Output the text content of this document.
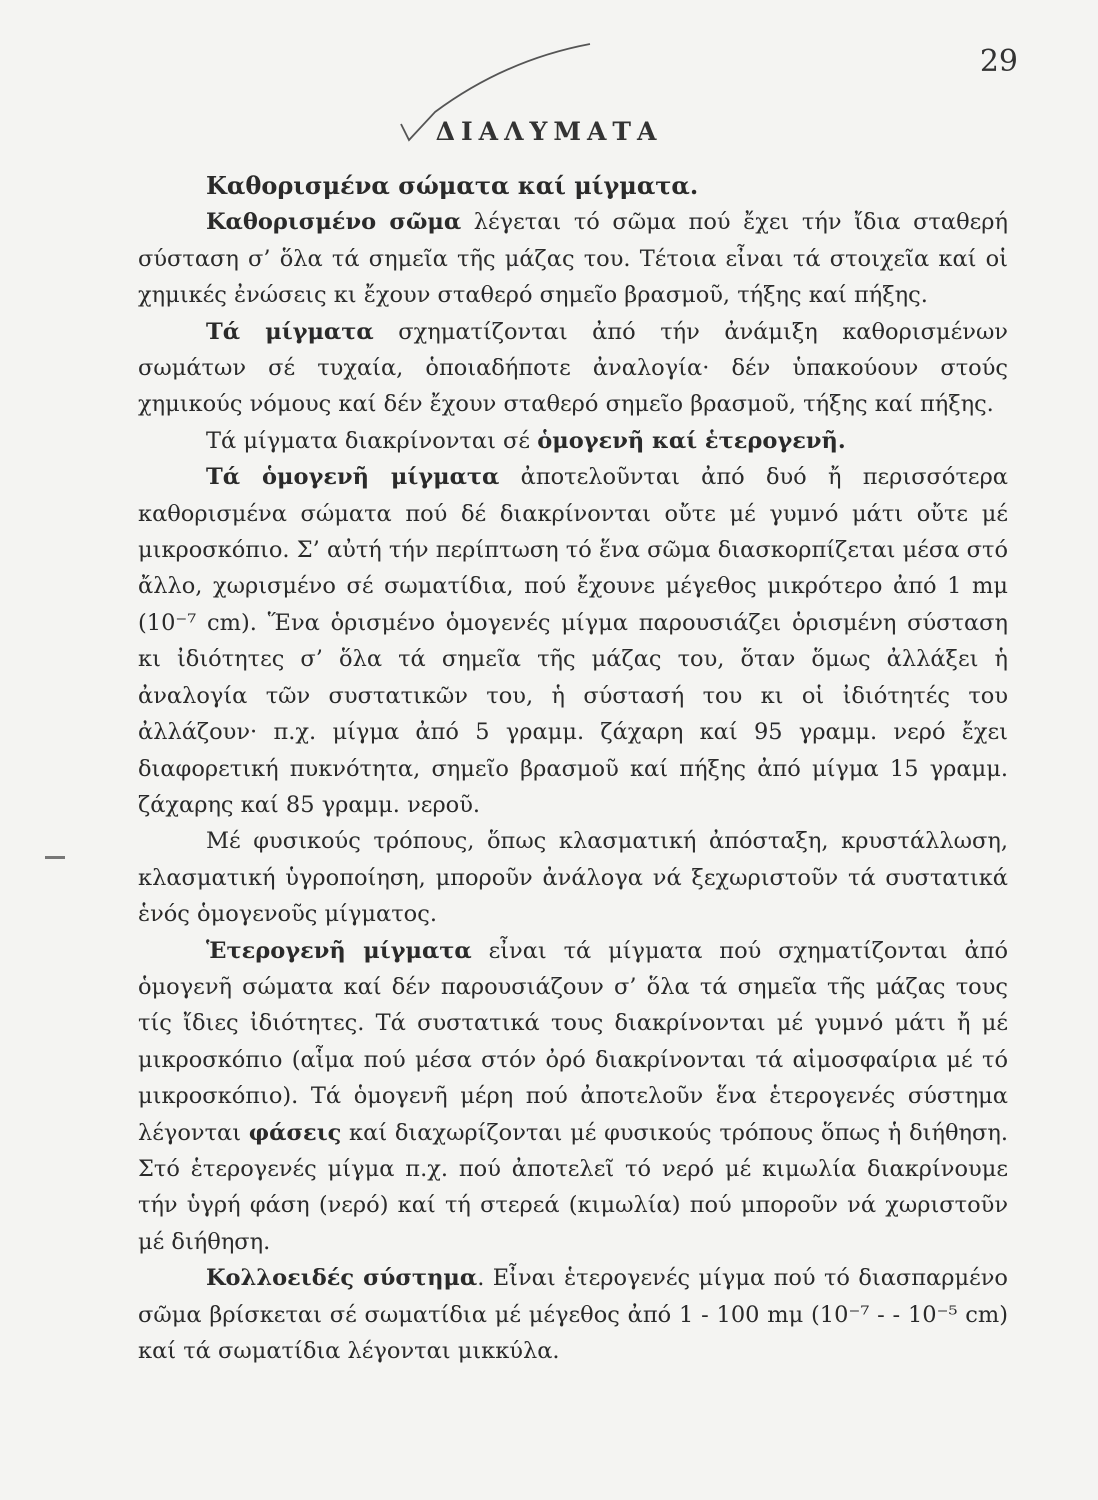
29
ΔΙΑΛΥΜΑΤΑ

Καθορισμένα σώματα καί μίγματα.

Καθορισμένο σῶμα λέγεται τό σῶμα πού ἔχει τήν ἴδια σταθερή σύσταση σ’ ὅλα τά σημεῖα τῆς μάζας του. Τέτοια εἶναι τά στοιχεῖα καί οἱ χημικές ἐνώσεις κι ἔχουν σταθερό σημεῖο βρασμοῦ, τήξης καί πήξης.

Τά μίγματα σχηματίζονται ἀπό τήν ἀνάμιξη καθορισμένων σωμάτων σέ τυχαία, ὁποιαδήποτε ἀναλογία· δέν ὑπακούουν στούς χημικούς νόμους καί δέν ἔχουν σταθερό σημεῖο βρασμοῦ, τήξης καί πήξης.

Τά μίγματα διακρίνονται σέ ὁμογενῆ καί ἑτερογενῆ.

Τά ὁμογενῆ μίγματα ἀποτελοῦνται ἀπό δυό ἤ περισσότερα καθορισμένα σώματα πού δέ διακρίνονται οὔτε μέ γυμνό μάτι οὔτε μέ μικροσκόπιο. Σ’ αὐτή τήν περίπτωση τό ἕνα σῶμα διασκορπίζεται μέσα στό ἄλλο, χωρισμένο σέ σωματίδια, πού ἔχουνε μέγεθος μικρότερο ἀπό 1 mμ (10⁻⁷ cm). Ἕνα ὁρισμένο ὁμογενές μίγμα παρουσιάζει ὁρισμένη σύσταση κι ἰδιότητες σ’ ὅλα τά σημεῖα τῆς μάζας του, ὅταν ὅμως ἀλλάξει ἡ ἀναλογία τῶν συστατικῶν του, ἡ σύστασή του κι οἱ ἰδιότητές του ἀλλάζουν· π.χ. μίγμα ἀπό 5 γραμμ. ζάχαρη καί 95 γραμμ. νερό ἔχει διαφορετική πυκνότητα, σημεῖο βρασμοῦ καί πήξης ἀπό μίγμα 15 γραμμ. ζάχαρης καί 85 γραμμ. νεροῦ.

Μέ φυσικούς τρόπους, ὅπως κλασματική ἀπόσταξη, κρυστάλλωση, κλασματική ὑγροποίηση, μποροῦν ἀνάλογα νά ξεχωριστοῦν τά συστατικά ἑνός ὁμογενοῦς μίγματος.

Ἑτερογενῆ μίγματα εἶναι τά μίγματα πού σχηματίζονται ἀπό ὁμογενῆ σώματα καί δέν παρουσιάζουν σ’ ὅλα τά σημεῖα τῆς μάζας τους τίς ἴδιες ἰδιότητες. Τά συστατικά τους διακρίνονται μέ γυμνό μάτι ἤ μέ μικροσκόπιο (αἷμα πού μέσα στόν ὀρό διακρίνονται τά αἱμοσφαίρια μέ τό μικροσκόπιο). Τά ὁμογενῆ μέρη πού ἀποτελοῦν ἕνα ἑτερογενές σύστημα λέγονται φάσεις καί διαχωρίζονται μέ φυσικούς τρόπους ὅπως ἡ διήθηση. Στό ἑτερογενές μίγμα π.χ. πού ἀποτελεῖ τό νερό μέ κιμωλία διακρίνουμε τήν ὑγρή φάση (νερό) καί τή στερεά (κιμωλία) πού μποροῦν νά χωριστοῦν μέ διήθηση.

Κολλοειδές σύστημα. Εἶναι ἑτερογενές μίγμα πού τό διασπαρμένο σῶμα βρίσκεται σέ σωματίδια μέ μέγεθος ἀπό 1 - 100 mμ (10⁻⁷ - - 10⁻⁵ cm) καί τά σωματίδια λέγονται μικκύλα.
